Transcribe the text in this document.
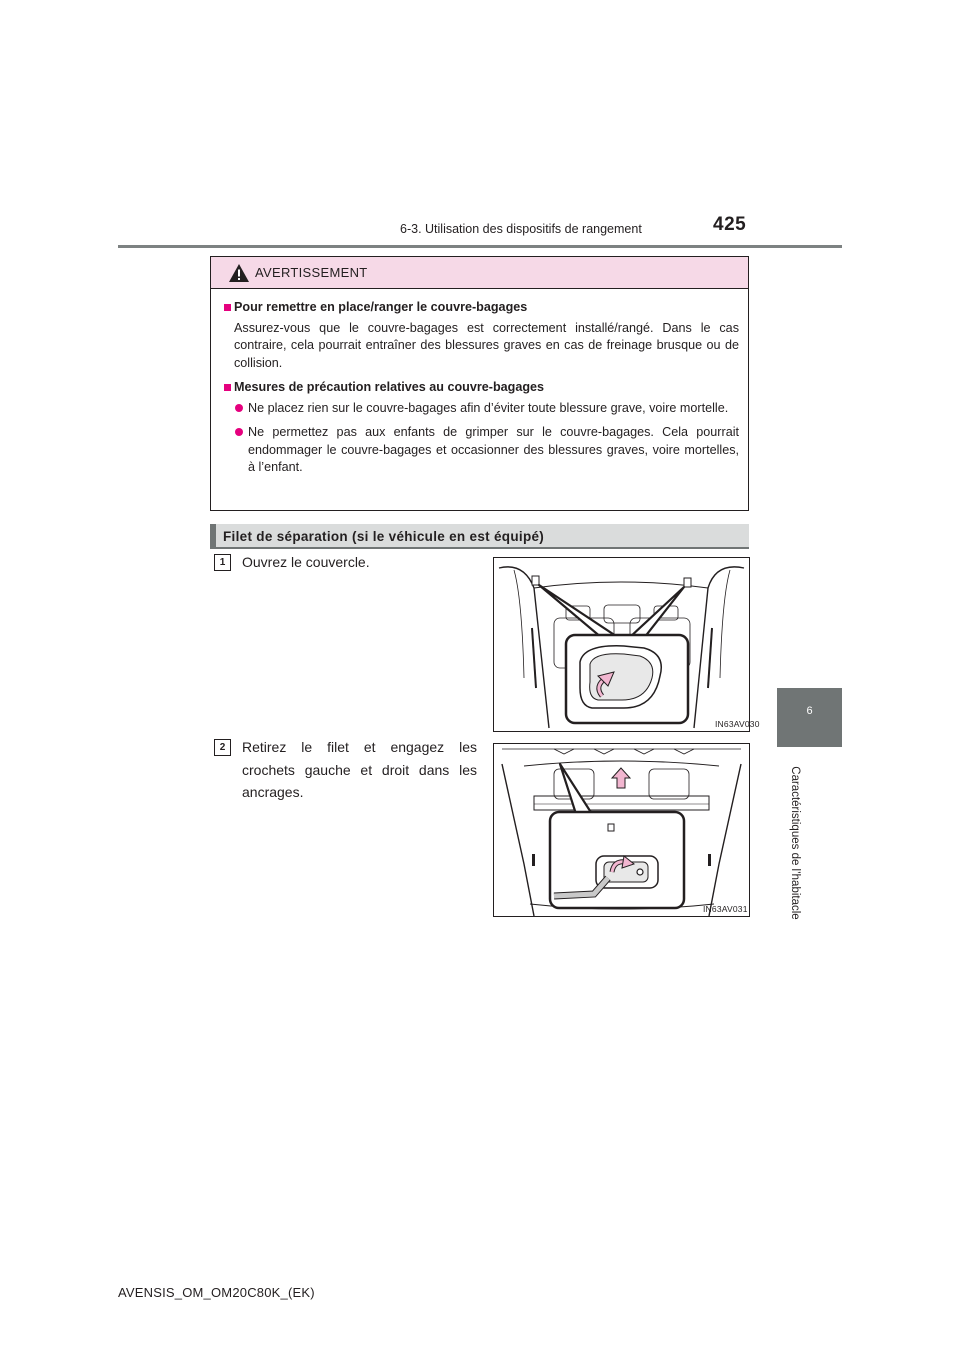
6-3. Utilisation des dispositifs de rangement	425
6
Caractéristiques de l’habitacle
AVERTISSEMENT
Pour remettre en place/ranger le couvre-bagages
Assurez-vous que le couvre-bagages est correctement installé/rangé. Dans le cas contraire, cela pourrait entraîner des blessures graves en cas de freinage brusque ou de collision.
Mesures de précaution relatives au couvre-bagages
Ne placez rien sur le couvre-bagages afin d’éviter toute blessure grave, voire mortelle.
Ne permettez pas aux enfants de grimper sur le couvre-bagages. Cela pourrait endommager le couvre-bagages et occasionner des blessures graves, voire mortelles, à l’enfant.
Filet de séparation (si le véhicule en est équipé)
1	Ouvrez le couvercle.
IN63AV030
2	Retirez le filet et engagez les crochets gauche et droit dans les ancrages.
IN63AV031
AVENSIS_OM_OM20C80K_(EK)
